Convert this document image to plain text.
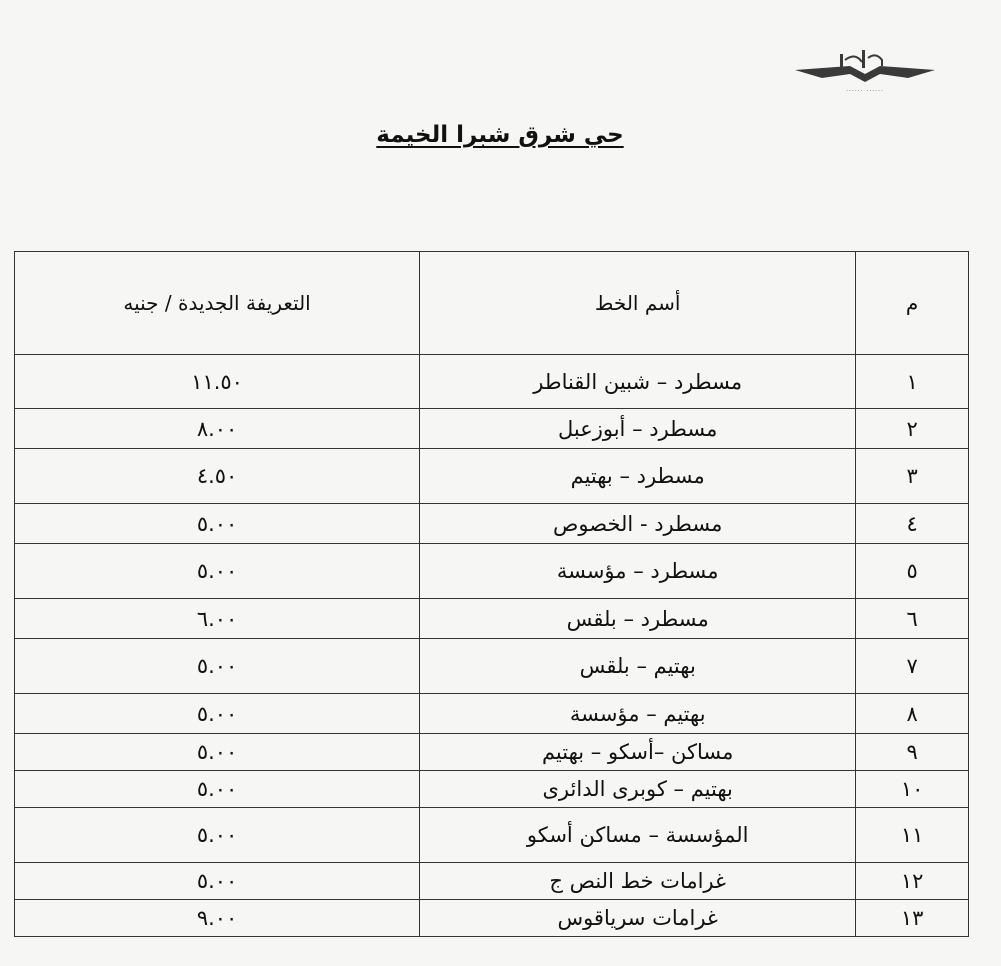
...... ......
حي شرق شبرا الخيمة
م	أسم الخط	التعريفة الجديدة / جنيه
١	مسطرد – شبين القناطر	١١.٥٠
٢	مسطرد – أبوزعبل	٨.٠٠
٣	مسطرد – بهتيم	٤.٥٠
٤	مسطرد - الخصوص	٥.٠٠
٥	مسطرد – مؤسسة	٥.٠٠
٦	مسطرد – بلقس	٦.٠٠
٧	بهتيم – بلقس	٥.٠٠
٨	بهتيم – مؤسسة	٥.٠٠
٩	مساكن –أسكو – بهتيم	٥.٠٠
١٠	بهتيم – كوبرى الدائرى	٥.٠٠
١١	المؤسسة – مساكن أسكو	٥.٠٠
١٢	غرامات خط النص ج	٥.٠٠
١٣	غرامات سرياقوس	٩.٠٠
